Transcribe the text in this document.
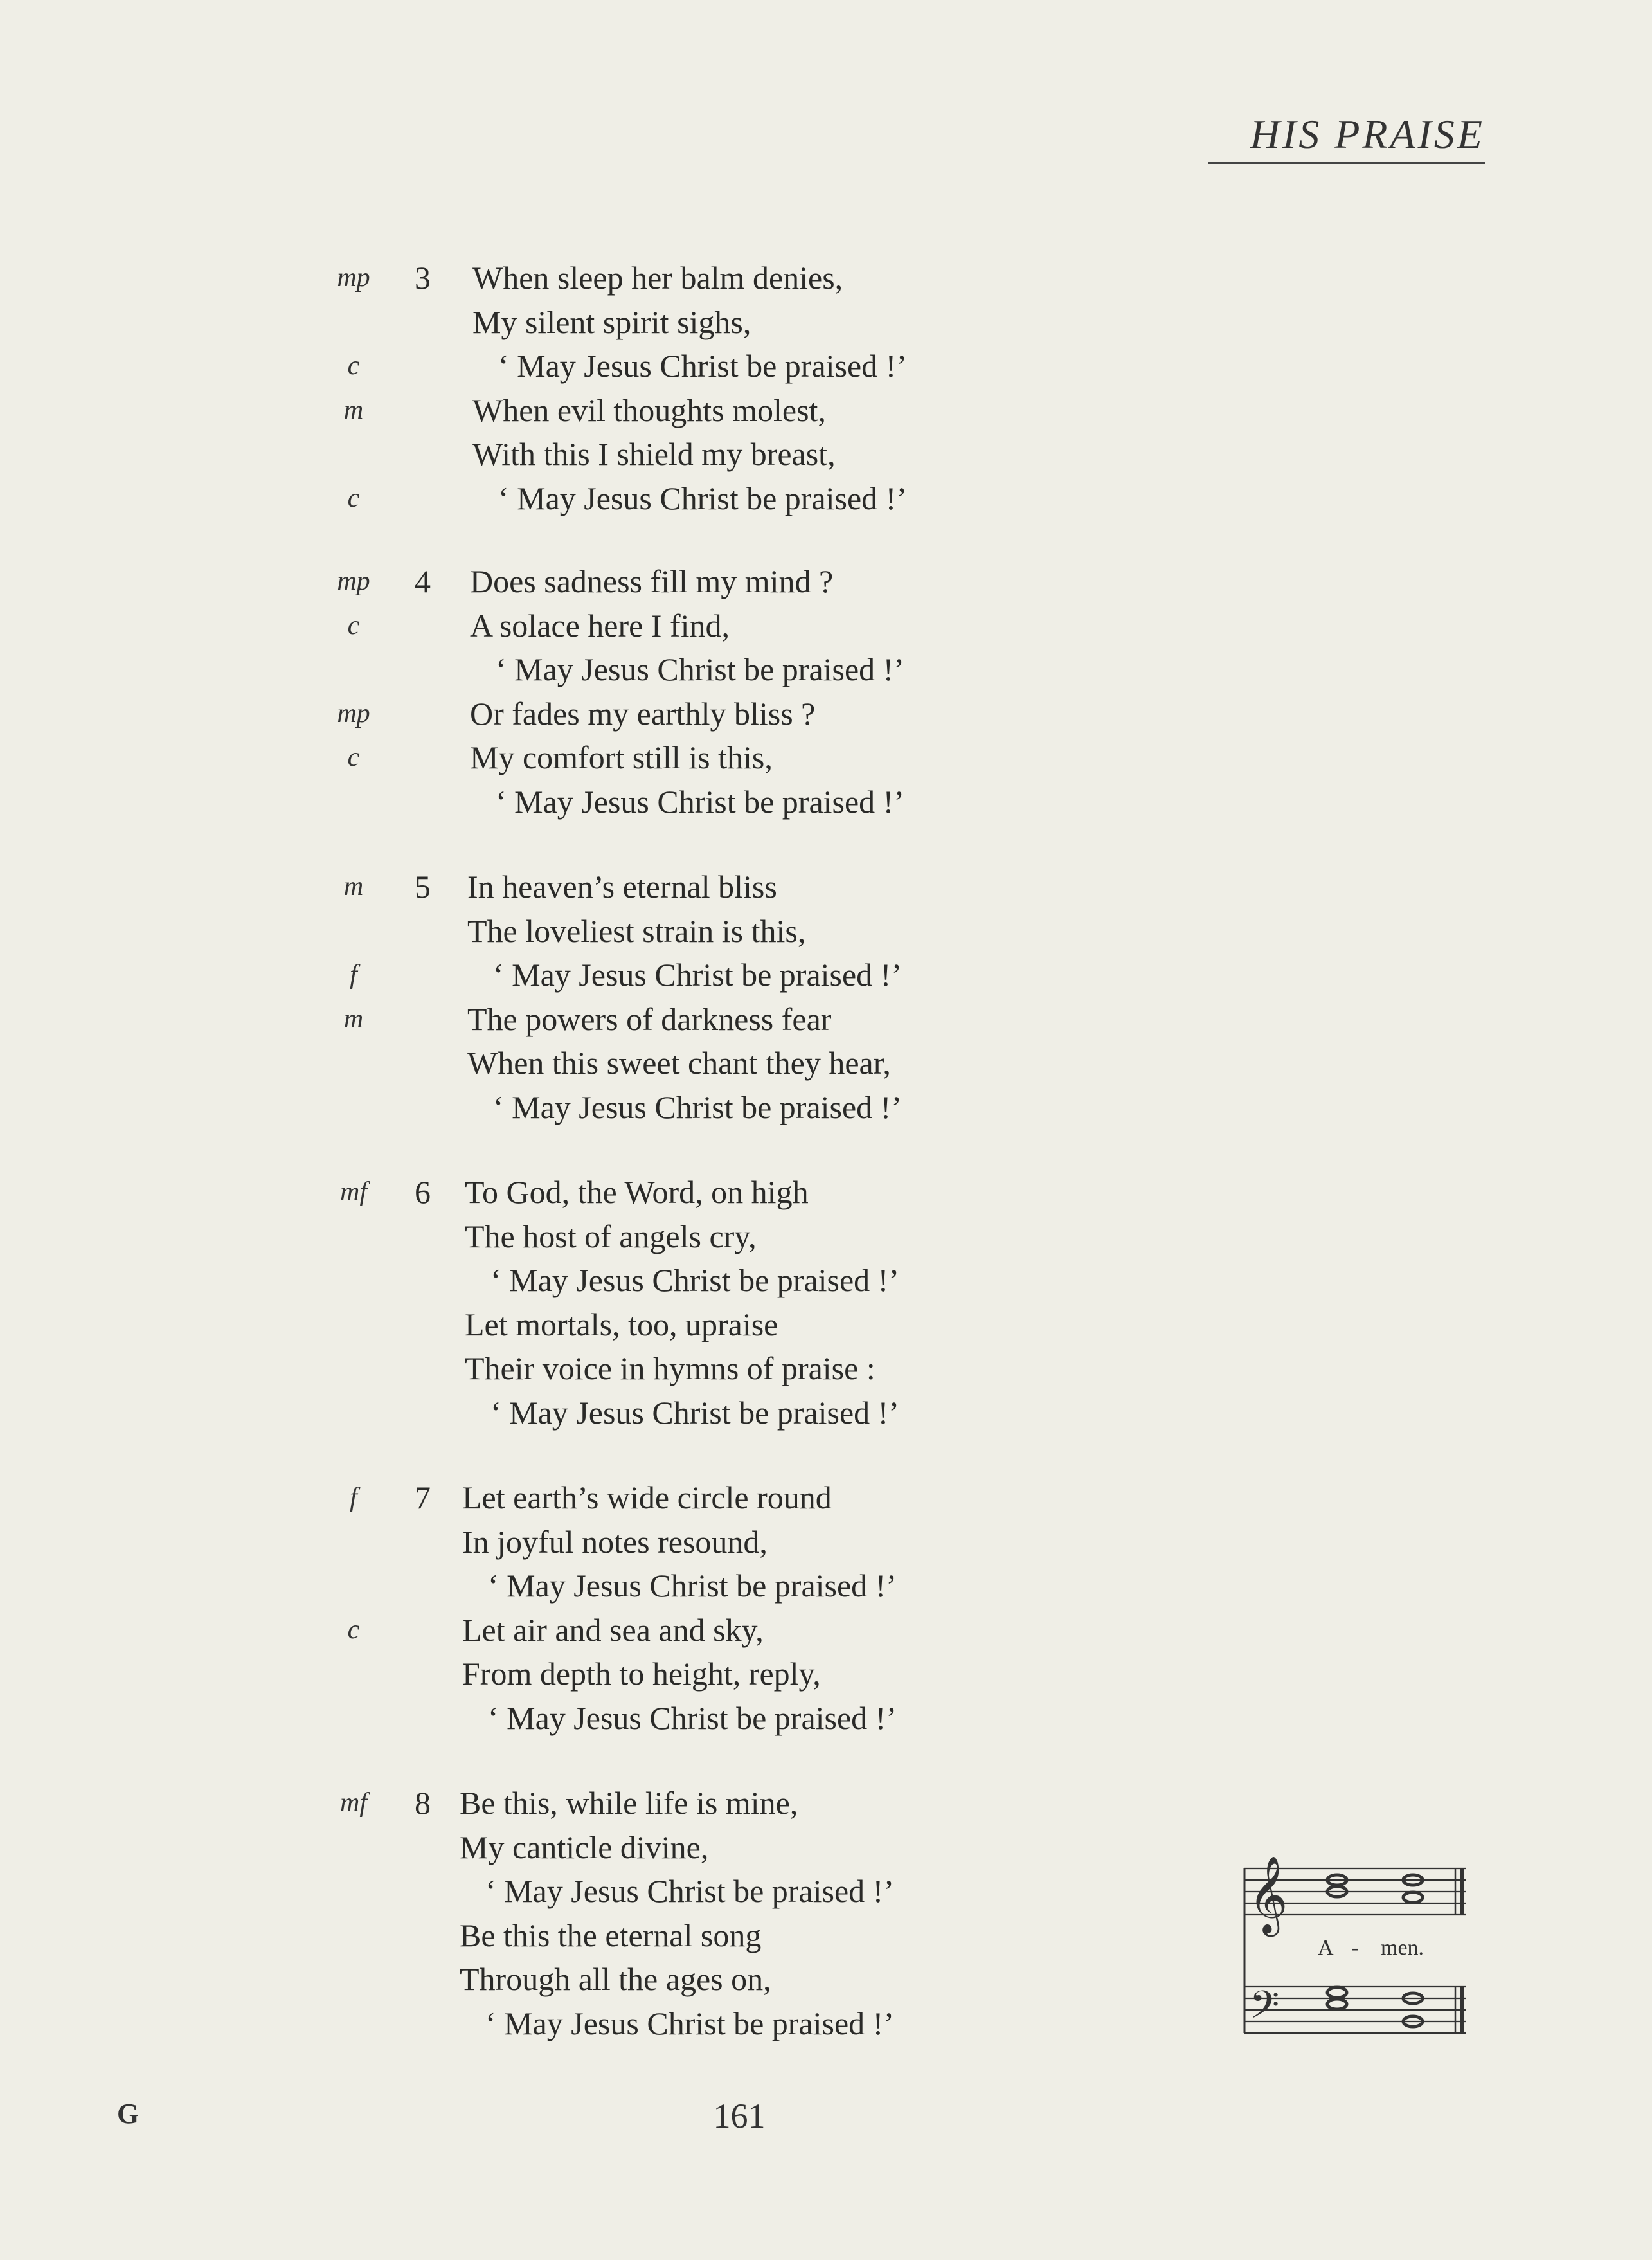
HIS PRAISE
mp	3	When sleep her balm denies,
My silent spirit sighs,
c	‘ May Jesus Christ be praised !’
m	When evil thoughts molest,
With this I shield my breast,
c	‘ May Jesus Christ be praised !’
mp	4	Does sadness fill my mind ?
c	A solace here I find,
‘ May Jesus Christ be praised !’
mp	Or fades my earthly bliss ?
c	My comfort still is this,
‘ May Jesus Christ be praised !’
m	5	In heaven’s eternal bliss
The loveliest strain is this,
f	‘ May Jesus Christ be praised !’
m	The powers of darkness fear
When this sweet chant they hear,
‘ May Jesus Christ be praised !’
mf	6	To God, the Word, on high
The host of angels cry,
‘ May Jesus Christ be praised !’
Let mortals, too, upraise
Their voice in hymns of praise :
‘ May Jesus Christ be praised !’
f	7 Let earth’s wide circle round
In joyful notes resound,
‘ May Jesus Christ be praised !’
c	Let air and sea and sky,
From depth to height, reply,
‘ May Jesus Christ be praised !’
mf	8 Be this, while life is mine,
My canticle divine,
‘ May Jesus Christ be praised !’
Be this the eternal song
Through all the ages on,
‘ May Jesus Christ be praised !’
𝄞
𝄢
A - men.
G	161
